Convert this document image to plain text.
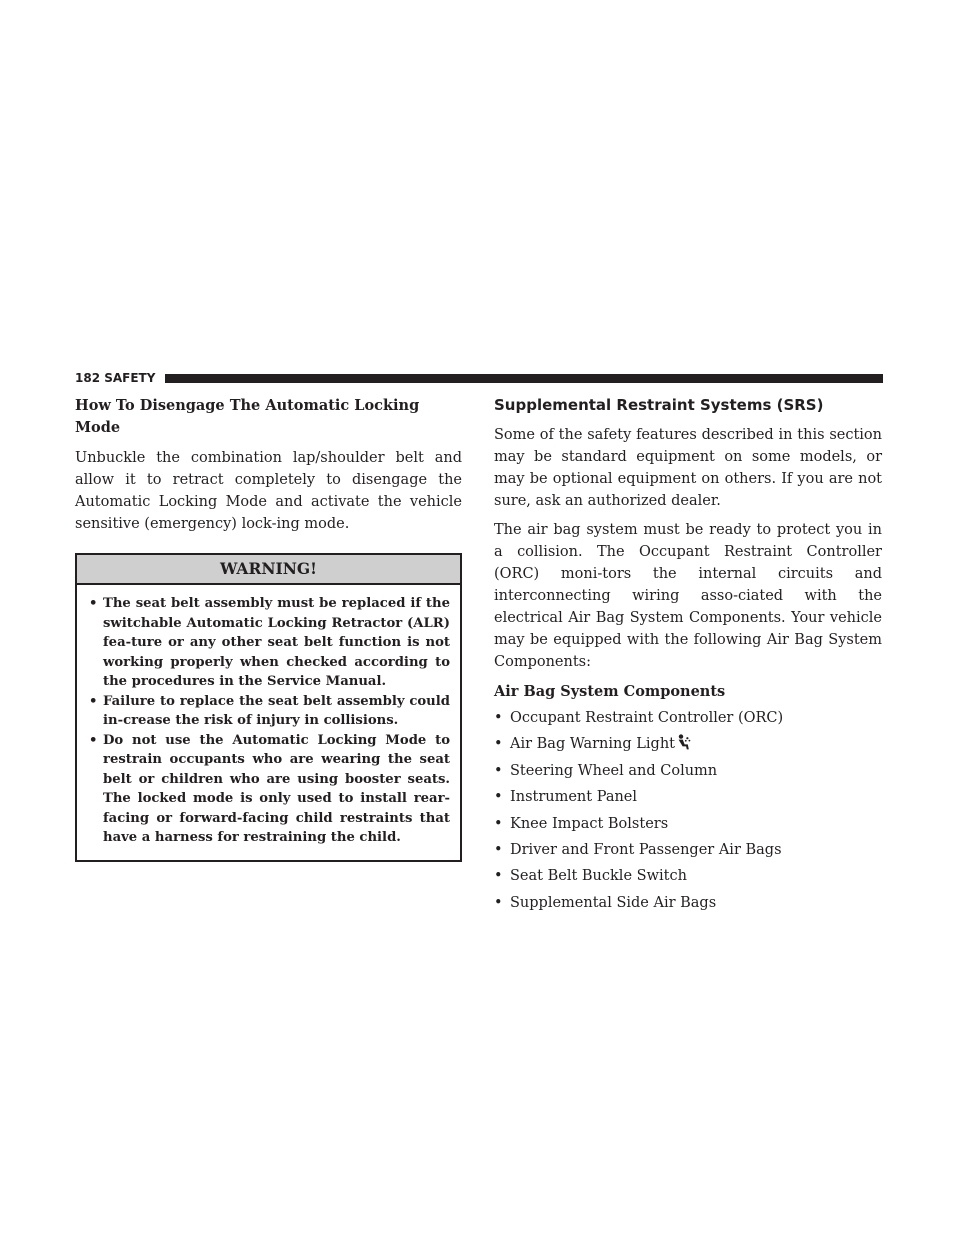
182 SAFETY

How To Disengage The Automatic Locking Mode

Unbuckle the combination lap/shoulder belt and allow it to retract completely to disengage the Automatic Locking Mode and activate the vehicle sensitive (emergency) lock-ing mode.

WARNING!
• The seat belt assembly must be replaced if the switchable Automatic Locking Retractor (ALR) fea-ture or any other seat belt function is not working properly when checked according to the procedures in the Service Manual.
• Failure to replace the seat belt assembly could in-crease the risk of injury in collisions.
• Do not use the Automatic Locking Mode to restrain occupants who are wearing the seat belt or children who are using booster seats. The locked mode is only used to install rear-facing or forward-facing child restraints that have a harness for restraining the child.

Supplemental Restraint Systems (SRS)

Some of the safety features described in this section may be standard equipment on some models, or may be optional equipment on others. If you are not sure, ask an authorized dealer.

The air bag system must be ready to protect you in a collision. The Occupant Restraint Controller (ORC) moni-tors the internal circuits and interconnecting wiring asso-ciated with the electrical Air Bag System Components. Your vehicle may be equipped with the following Air Bag System Components:

Air Bag System Components

• Occupant Restraint Controller (ORC)
• Air Bag Warning Light
• Steering Wheel and Column
• Instrument Panel
• Knee Impact Bolsters
• Driver and Front Passenger Air Bags
• Seat Belt Buckle Switch
• Supplemental Side Air Bags
